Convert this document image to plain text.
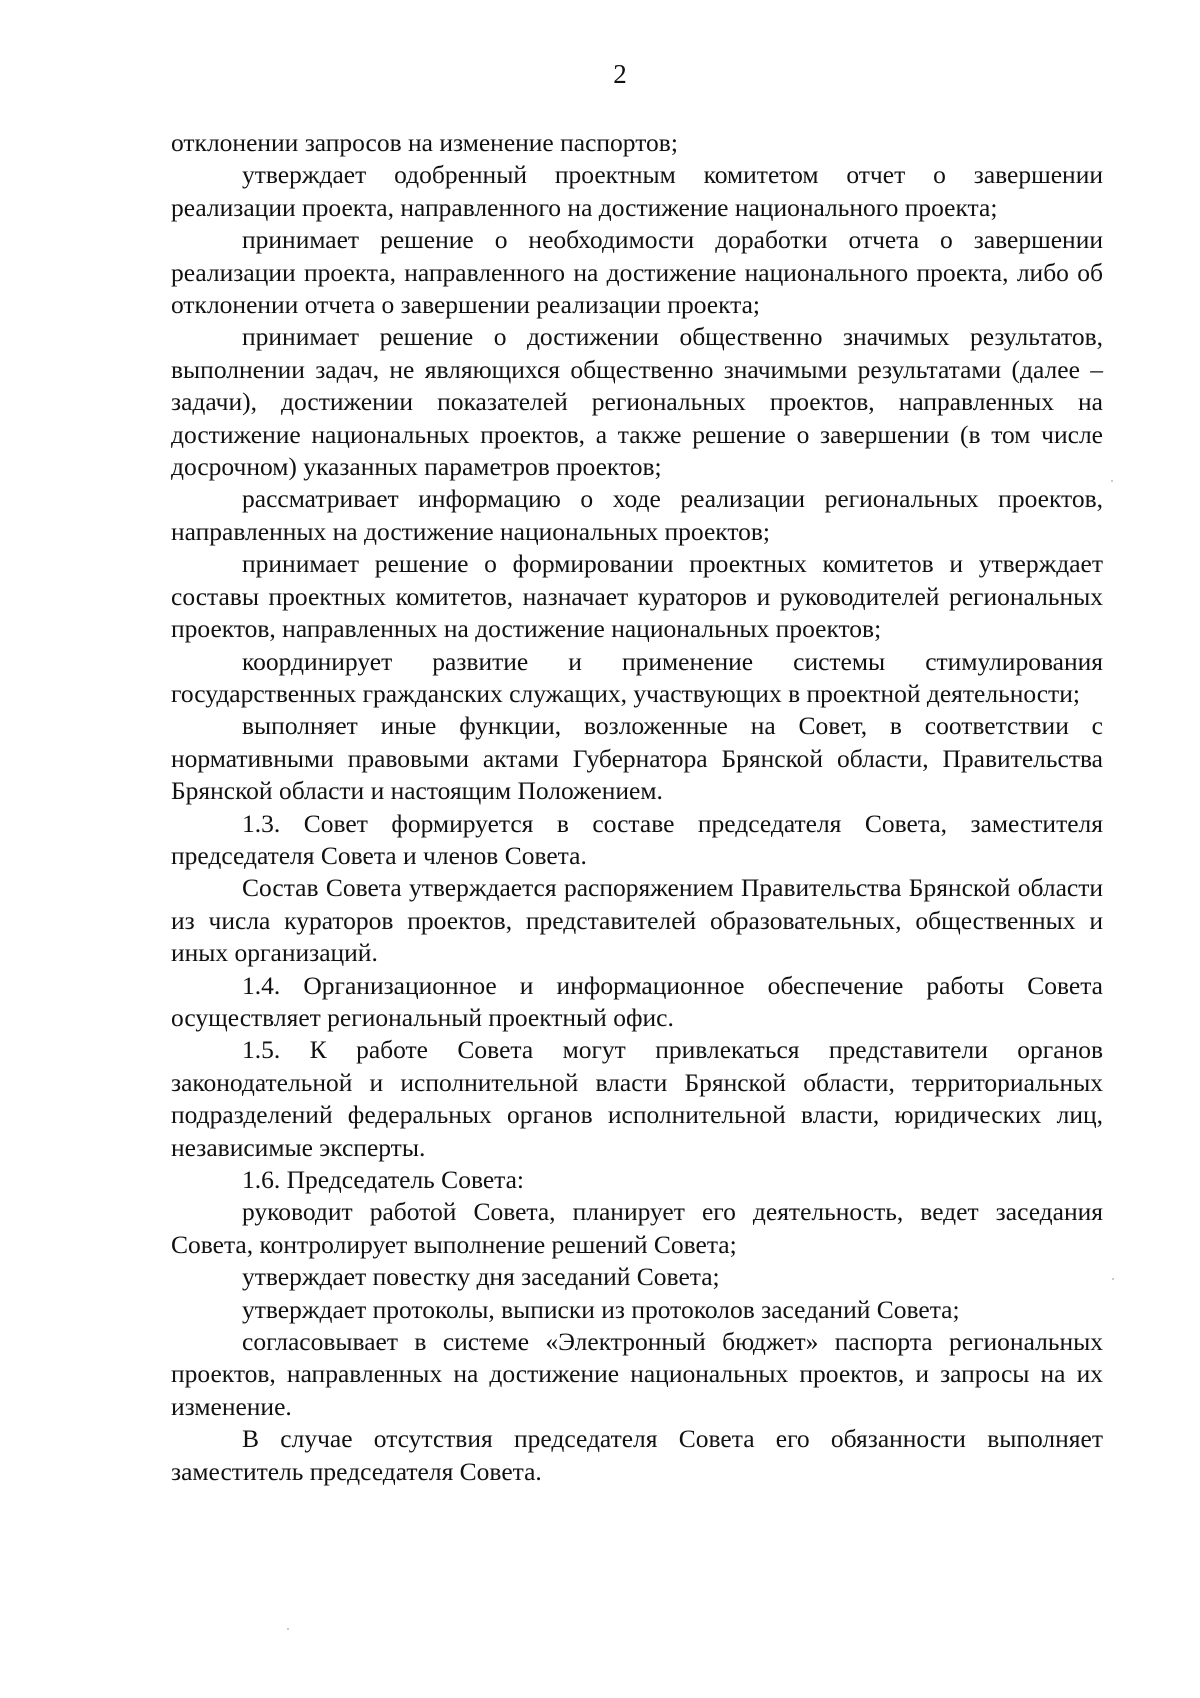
2

отклонении запросов на изменение паспортов;

утверждает одобренный проектным комитетом отчет о завершении реализации проекта, направленного на достижение национального проекта;

принимает решение о необходимости доработки отчета о завершении реализации проекта, направленного на достижение национального проекта, либо об отклонении отчета о завершении реализации проекта;

принимает решение о достижении общественно значимых результатов, выполнении задач, не являющихся общественно значимыми результатами (далее – задачи), достижении показателей региональных проектов, направленных на достижение национальных проектов, а также решение о завершении (в том числе досрочном) указанных параметров проектов;

рассматривает информацию о ходе реализации региональных проектов, направленных на достижение национальных проектов;

принимает решение о формировании проектных комитетов и утверждает составы проектных комитетов, назначает кураторов и руководителей региональных проектов, направленных на достижение национальных проектов;

координирует развитие и применение системы стимулирования государственных гражданских служащих, участвующих в проектной деятельности;

выполняет иные функции, возложенные на Совет, в соответствии с нормативными правовыми актами Губернатора Брянской области, Правительства Брянской области и настоящим Положением.

1.3. Совет формируется в составе председателя Совета, заместителя председателя Совета и членов Совета.

Состав Совета утверждается распоряжением Правительства Брянской области из числа кураторов проектов, представителей образовательных, общественных и иных организаций.

1.4. Организационное и информационное обеспечение работы Совета осуществляет региональный проектный офис.

1.5. К работе Совета могут привлекаться представители органов законодательной и исполнительной власти Брянской области, территориальных подразделений федеральных органов исполнительной власти, юридических лиц, независимые эксперты.

1.6. Председатель Совета:

руководит работой Совета, планирует его деятельность, ведет заседания Совета, контролирует выполнение решений Совета;

утверждает повестку дня заседаний Совета;

утверждает протоколы, выписки из протоколов заседаний Совета;

согласовывает в системе «Электронный бюджет» паспорта региональных проектов, направленных на достижение национальных проектов, и запросы на их изменение.

В случае отсутствия председателя Совета его обязанности выполняет заместитель председателя Совета.
